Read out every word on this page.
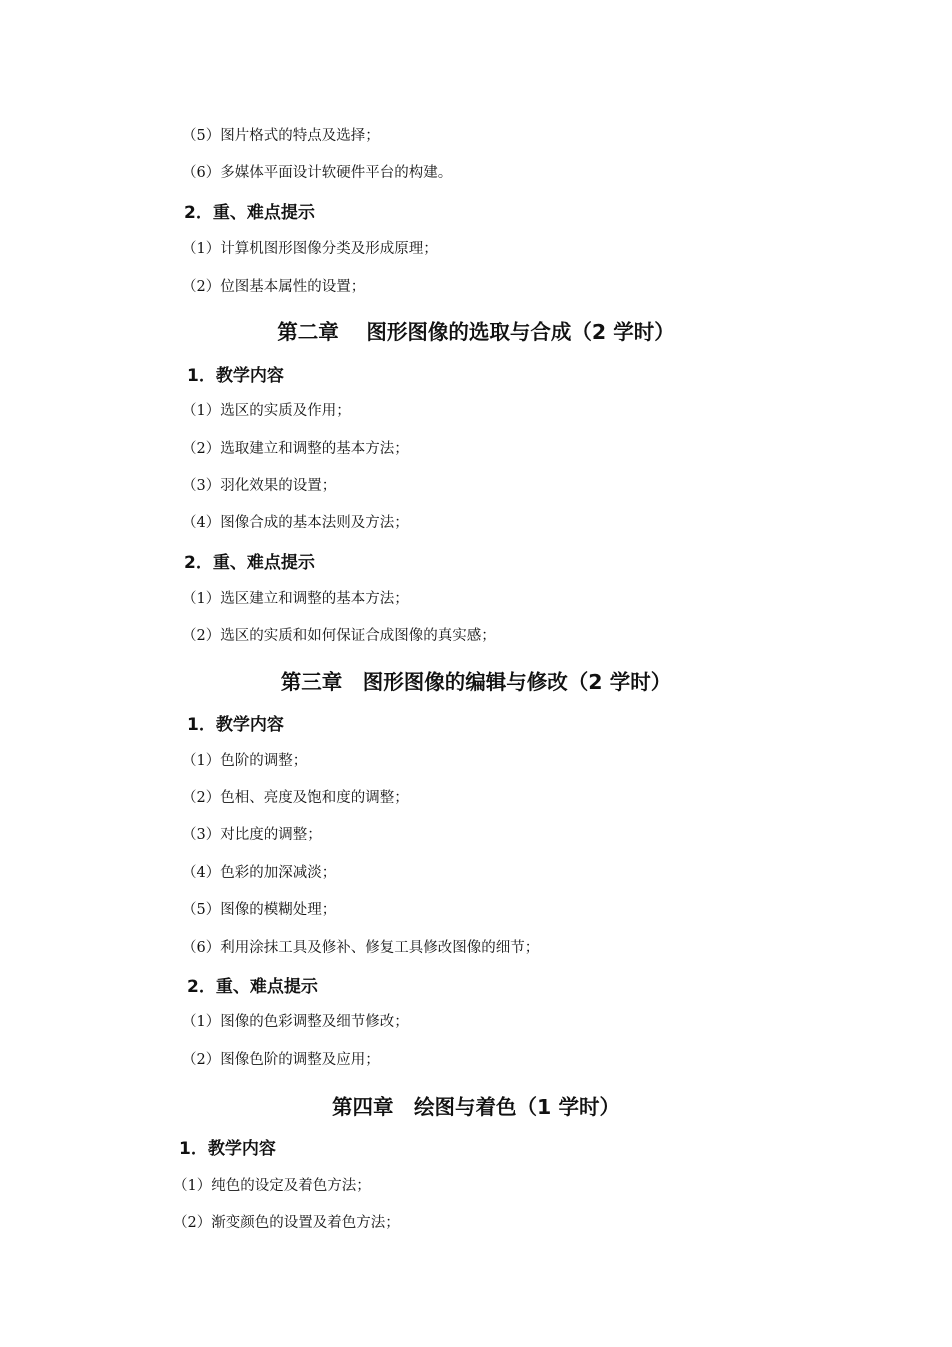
（5）图片格式的特点及选择；
（6）多媒体平面设计软硬件平台的构建。
2．重、难点提示
（1）计算机图形图像分类及形成原理；
（2）位图基本属性的设置；
第二章　 图形图像的选取与合成（2 学时）
1．教学内容
（1）选区的实质及作用；
（2）选取建立和调整的基本方法；
（3）羽化效果的设置；
（4）图像合成的基本法则及方法；
2．重、难点提示
（1）选区建立和调整的基本方法；
（2）选区的实质和如何保证合成图像的真实感；
第三章　图形图像的编辑与修改（2 学时）
1．教学内容
（1）色阶的调整；
（2）色相、亮度及饱和度的调整；
（3）对比度的调整；
（4）色彩的加深减淡；
（5）图像的模糊处理；
（6）利用涂抹工具及修补、修复工具修改图像的细节；
2．重、难点提示
（1）图像的色彩调整及细节修改；
（2）图像色阶的调整及应用；
第四章　绘图与着色（1 学时）
1．教学内容
（1）纯色的设定及着色方法；
（2）渐变颜色的设置及着色方法；
